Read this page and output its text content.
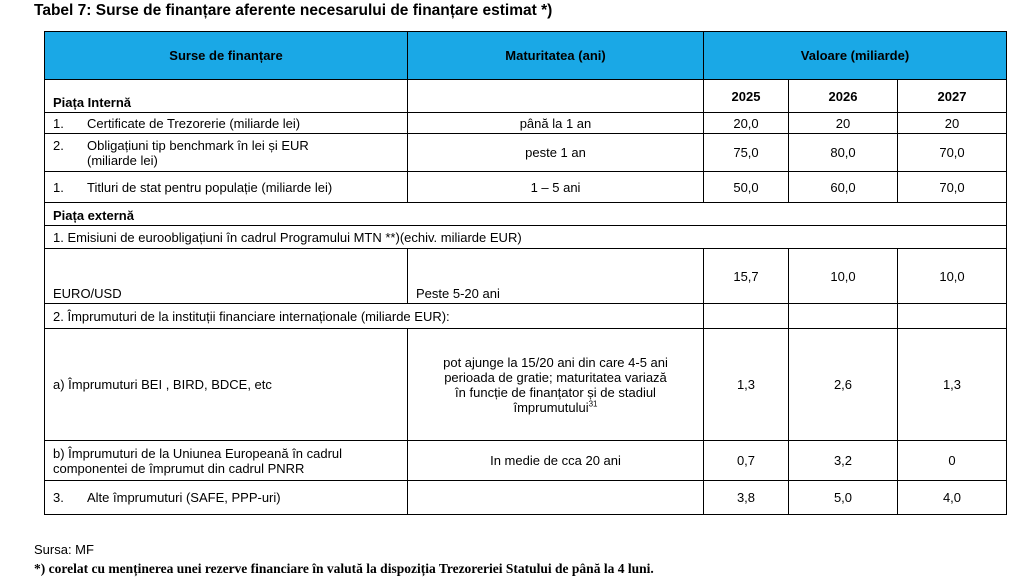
Tabel 7: Surse de finanțare aferente necesarului de finanțare estimat *)
Surse de finanțare	Maturitatea (ani)	Valoare (miliarde)		
Piața Internă		2025	2026	2027
1. Certificate de Trezorerie (miliarde lei)	până la 1 an	20,0	20	20

2. Obligațiuni tip benchmark în lei și EUR
(miliarde lei)	peste 1 an	75,0	80,0	70,0
1. Titluri de stat pentru populație (miliarde lei)	1 – 5 ani	50,0	60,0	70,0
Piața externă				
1. Emisiuni de euroobligațiuni în cadrul Programului MTN **)(echiv. miliarde EUR)				
EURO/USD	Peste 5-20 ani	15,7	10,0	10,0
2. Împrumuturi de la instituții financiare internaționale (miliarde EUR):				
a) Împrumuturi BEI , BIRD, BDCE, etc	pot ajunge la 15/20 ani din care 4-5 ani
perioada de gratie; maturitatea variază
în funcție de finanțator și de stadiul
împrumutului$^{31}$	1,3	2,6	1,3

b) Împrumuturi de la Uniunea Europeană în cadrul
componentei de împrumut din cadrul PNRR	In medie de cca 20 ani	0,7	3,2	0
3. Alte împrumuturi (SAFE, PPP-uri)		3,8	5,0	4,0
Sursa: MF
*) corelat cu menținerea unei rezerve financiare în valută la dispoziția Trezoreriei Statului de până la 4 luni.
